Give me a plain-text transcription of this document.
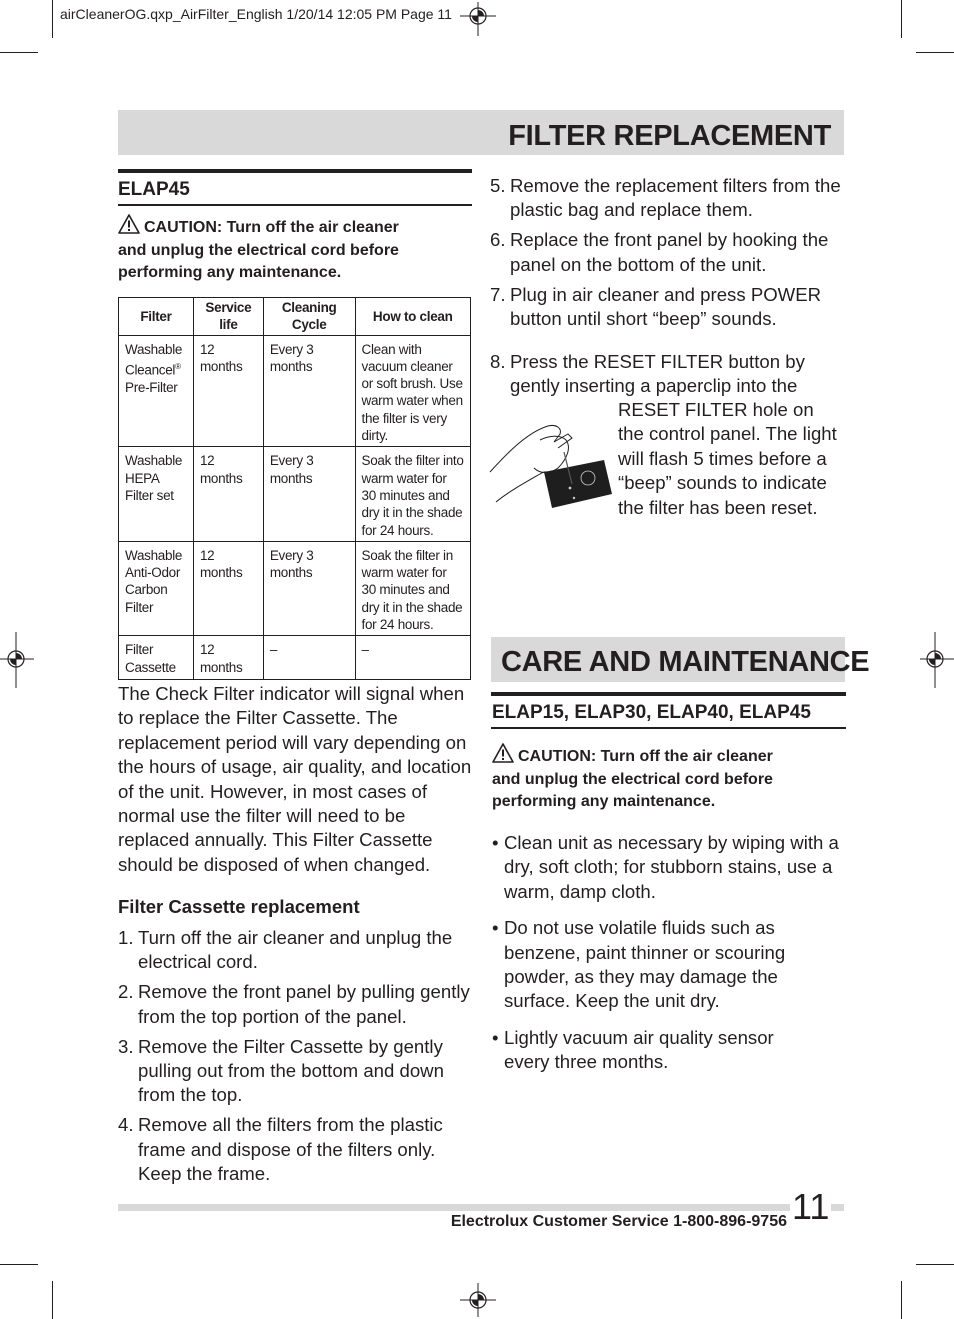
airCleanerOG.qxp_AirFilter_English 1/20/14 12:05 PM Page 11
FILTER REPLACEMENT
ELAP45
CAUTION: Turn off the air cleaner
and unplug the electrical cord before
performing any maintenance.
Filter	Service life	Cleaning Cycle	How to clean
Washable
Cleancel®
Pre-Filter	12 months	Every 3 months	Clean with vacuum cleaner or soft brush. Use warm water when the filter is very dirty.
Washable HEPA Filter set	12 months	Every 3 months	Soak the filter into warm water for 30 minutes and dry it in the shade for 24 hours.
Washable Anti-Odor Carbon Filter	12 months	Every 3 months	Soak the filter in warm water for 30 minutes and dry it in the shade for 24 hours.
Filter Cassette	12 months	–	–
The Check Filter indicator will signal when to replace the Filter Cassette. The replacement period will vary depending on the hours of usage, air quality, and location of the unit. However, in most cases of normal use the filter will need to be replaced annually. This Filter Cassette should be disposed of when changed.
Filter Cassette replacement
1. Turn off the air cleaner and unplug the electrical cord.
2. Remove the front panel by pulling gently from the top portion of the panel.
3. Remove the Filter Cassette by gently pulling out from the bottom and down from the top.
4. Remove all the filters from the plastic frame and dispose of the filters only. Keep the frame.
5. Remove the replacement filters from the plastic bag and replace them.
6. Replace the front panel by hooking the panel on the bottom of the unit.
7. Plug in air cleaner and press POWER button until short “beep” sounds.
8. Press the RESET FILTER button by gently inserting a paperclip into the

RESET FILTER hole on the control panel. The light will flash 5 times before a “beep” sounds to indicate the filter has been reset.
CARE AND MAINTENANCE
ELAP15, ELAP30, ELAP40, ELAP45
CAUTION: Turn off the air cleaner
and unplug the electrical cord before
performing any maintenance.
• Clean unit as necessary by wiping with a dry, soft cloth; for stubborn stains, use a warm, damp cloth.
• Do not use volatile fluids such as benzene, paint thinner or scouring powder, as they may damage the surface. Keep the unit dry.
• Lightly vacuum air quality sensor every three months.
Electrolux Customer Service 1-800-896-9756 11
